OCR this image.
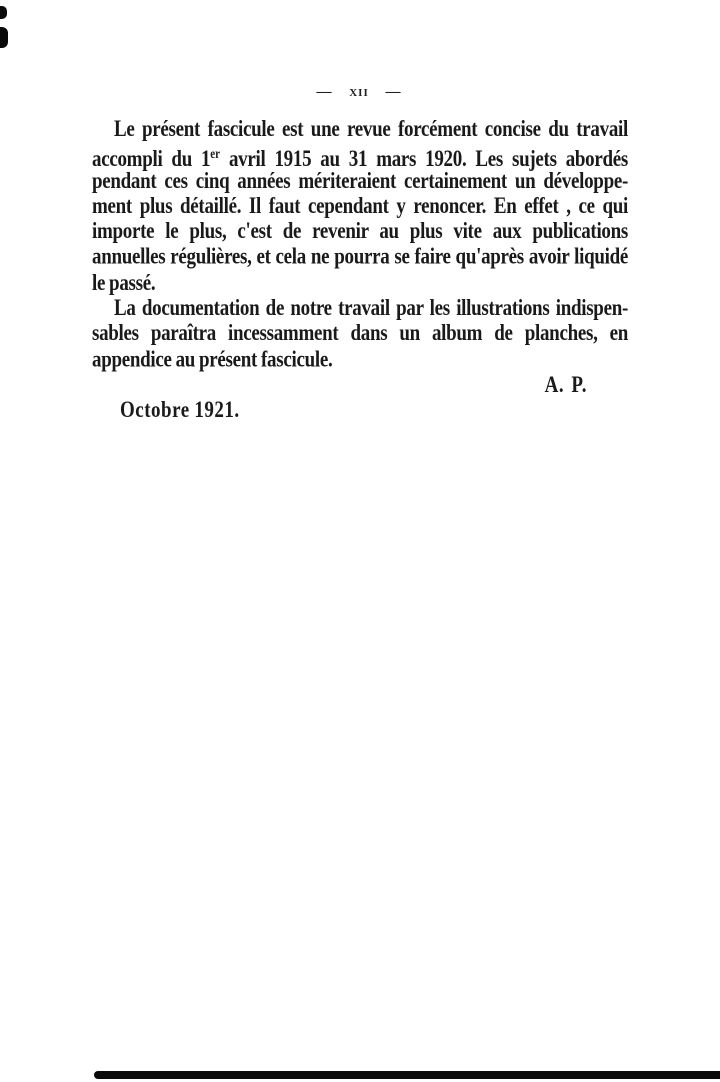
— xii —
Le présent fascicule est une revue forcément concise du travail
accompli du 1er avril 1915 au 31 mars 1920. Les sujets abordés
pendant ces cinq années mériteraient certainement un développe-
ment plus détaillé. Il faut cependant y renoncer. En effet , ce qui
importe le plus, c'est de revenir au plus vite aux publications
annuelles régulières, et cela ne pourra se faire qu'après avoir liquidé
le passé.
La documentation de notre travail par les illustrations indispen-
sables paraîtra incessamment dans un album de planches, en
appendice au présent fascicule.
A. P.
Octobre 1921.
